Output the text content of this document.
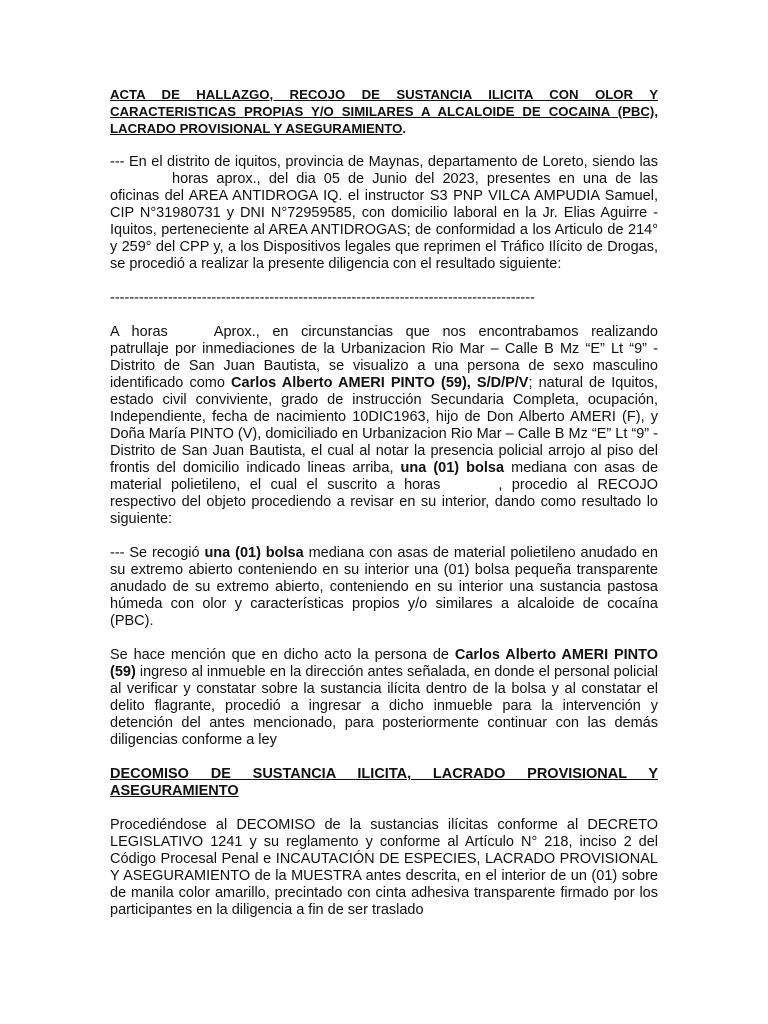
ACTA DE HALLAZGO, RECOJO DE SUSTANCIA ILICITA CON OLOR Y CARACTERISTICAS PROPIAS Y/O SIMILARES A ALCALOIDE DE COCAINA (PBC), LACRADO PROVISIONAL Y ASEGURAMIENTO.

--- En el distrito de iquitos, provincia de Maynas, departamento de Loreto, siendo lashoras aprox., del dia 05 de Junio del 2023, presentes en una de las oficinas del AREA ANTIDROGA IQ. el instructor S3 PNP VILCA AMPUDIA Samuel, CIP N°31980731 y DNI N°72959585, con domicilio laboral en la Jr. Elias Aguirre - Iquitos, perteneciente al AREA ANTIDROGAS; de conformidad a los Articulo de 214° y 259° del CPP y, a los Dispositivos legales que reprimen el Tráfico Ilícito de Drogas, se procedió a realizar la presente diligencia con el resultado siguiente:

----------------------------------------------------------------------------------------

A horas	Aprox., en circunstancias que nos encontrabamos realizando patrullaje por inmediaciones de la Urbanizacion Rio Mar – Calle B Mz “E” Lt “9” - Distrito de San Juan Bautista, se visualizo a una persona de sexo masculino identificado como Carlos Alberto AMERI PINTO (59), S/D/P/V; natural de Iquitos, estado civil conviviente, grado de instrucción Secundaria Completa, ocupación, Independiente, fecha de nacimiento 10DIC1963, hijo de Don Alberto AMERI (F), y Doña María PINTO (V), domiciliado en Urbanizacion Rio Mar – Calle B Mz “E” Lt “9” - Distrito de San Juan Bautista, el cual al notar la presencia policial arrojo al piso del frontis del domicilio indicado lineas arriba, una (01) bolsa mediana con asas de material polietileno, el cual el suscrito a horas	, procedio al RECOJO respectivo del objeto procediendo a revisar en su interior, dando como resultado lo siguiente:

--- Se recogió una (01) bolsa mediana con asas de material polietileno anudado en su extremo abierto conteniendo en su interior una (01) bolsa pequeña transparente anudado de su extremo abierto, conteniendo en su interior una sustancia pastosa húmeda con olor y características propios y/o similares a alcaloide de cocaína (PBC).

Se hace mención que en dicho acto la persona de Carlos Alberto AMERI PINTO (59) ingreso al inmueble en la dirección antes señalada, en donde el personal policial al verificar y constatar sobre la sustancia ilícita dentro de la bolsa y al constatar el delito flagrante, procedió a ingresar a dicho inmueble para la intervención y detención del antes mencionado, para posteriormente continuar con las demás diligencias conforme a ley

DECOMISO DE SUSTANCIA ILICITA, LACRADO PROVISIONAL Y ASEGURAMIENTO

Procediéndose al DECOMISO de la sustancias ilícitas conforme al DECRETO LEGISLATIVO 1241 y su reglamento y conforme al Artículo N° 218, inciso 2 del Código Procesal Penal e INCAUTACIÓN DE ESPECIES, LACRADO PROVISIONAL Y ASEGURAMIENTO de la MUESTRA antes descrita, en el interior de un (01) sobre de manila color amarillo, precintado con cinta adhesiva transparente firmado por los participantes en la diligencia a fin de ser traslado
